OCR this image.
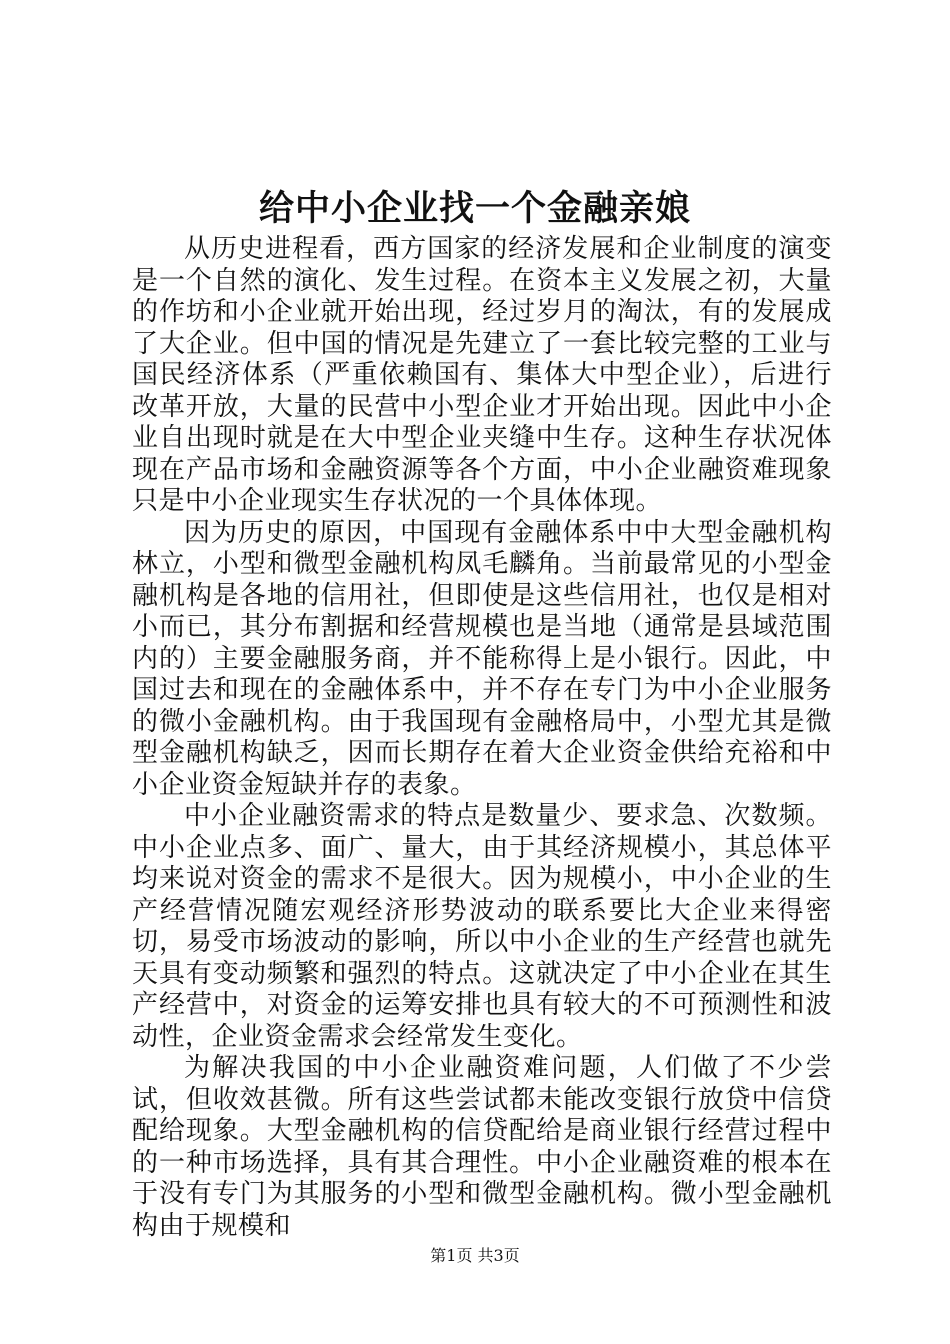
给中小企业找一个金融亲娘

从历史进程看，西方国家的经济发展和企业制度的演变是一个自然的演化、发生过程。在资本主义发展之初，大量的作坊和小企业就开始出现，经过岁月的淘汰，有的发展成了大企业。但中国的情况是先建立了一套比较完整的工业与国民经济体系（严重依赖国有、集体大中型企业），后进行改革开放，大量的民营中小型企业才开始出现。因此中小企业自出现时就是在大中型企业夹缝中生存。这种生存状况体现在产品市场和金融资源等各个方面，中小企业融资难现象只是中小企业现实生存状况的一个具体体现。

因为历史的原因，中国现有金融体系中中大型金融机构林立，小型和微型金融机构凤毛麟角。当前最常见的小型金融机构是各地的信用社，但即使是这些信用社，也仅是相对小而已，其分布割据和经营规模也是当地（通常是县域范围内的）主要金融服务商，并不能称得上是小银行。因此，中国过去和现在的金融体系中，并不存在专门为中小企业服务的微小金融机构。由于我国现有金融格局中，小型尤其是微型金融机构缺乏，因而长期存在着大企业资金供给充裕和中小企业资金短缺并存的表象。

中小企业融资需求的特点是数量少、要求急、次数频。中小企业点多、面广、量大，由于其经济规模小，其总体平均来说对资金的需求不是很大。因为规模小，中小企业的生产经营情况随宏观经济形势波动的联系要比大企业来得密切，易受市场波动的影响，所以中小企业的生产经营也就先天具有变动频繁和强烈的特点。这就决定了中小企业在其生产经营中，对资金的运筹安排也具有较大的不可预测性和波动性，企业资金需求会经常发生变化。

为解决我国的中小企业融资难问题，人们做了不少尝试，但收效甚微。所有这些尝试都未能改变银行放贷中信贷配给现象。大型金融机构的信贷配给是商业银行经营过程中的一种市场选择，具有其合理性。中小企业融资难的根本在于没有专门为其服务的小型和微型金融机构。微小型金融机构由于规模和

第1页 共3页
